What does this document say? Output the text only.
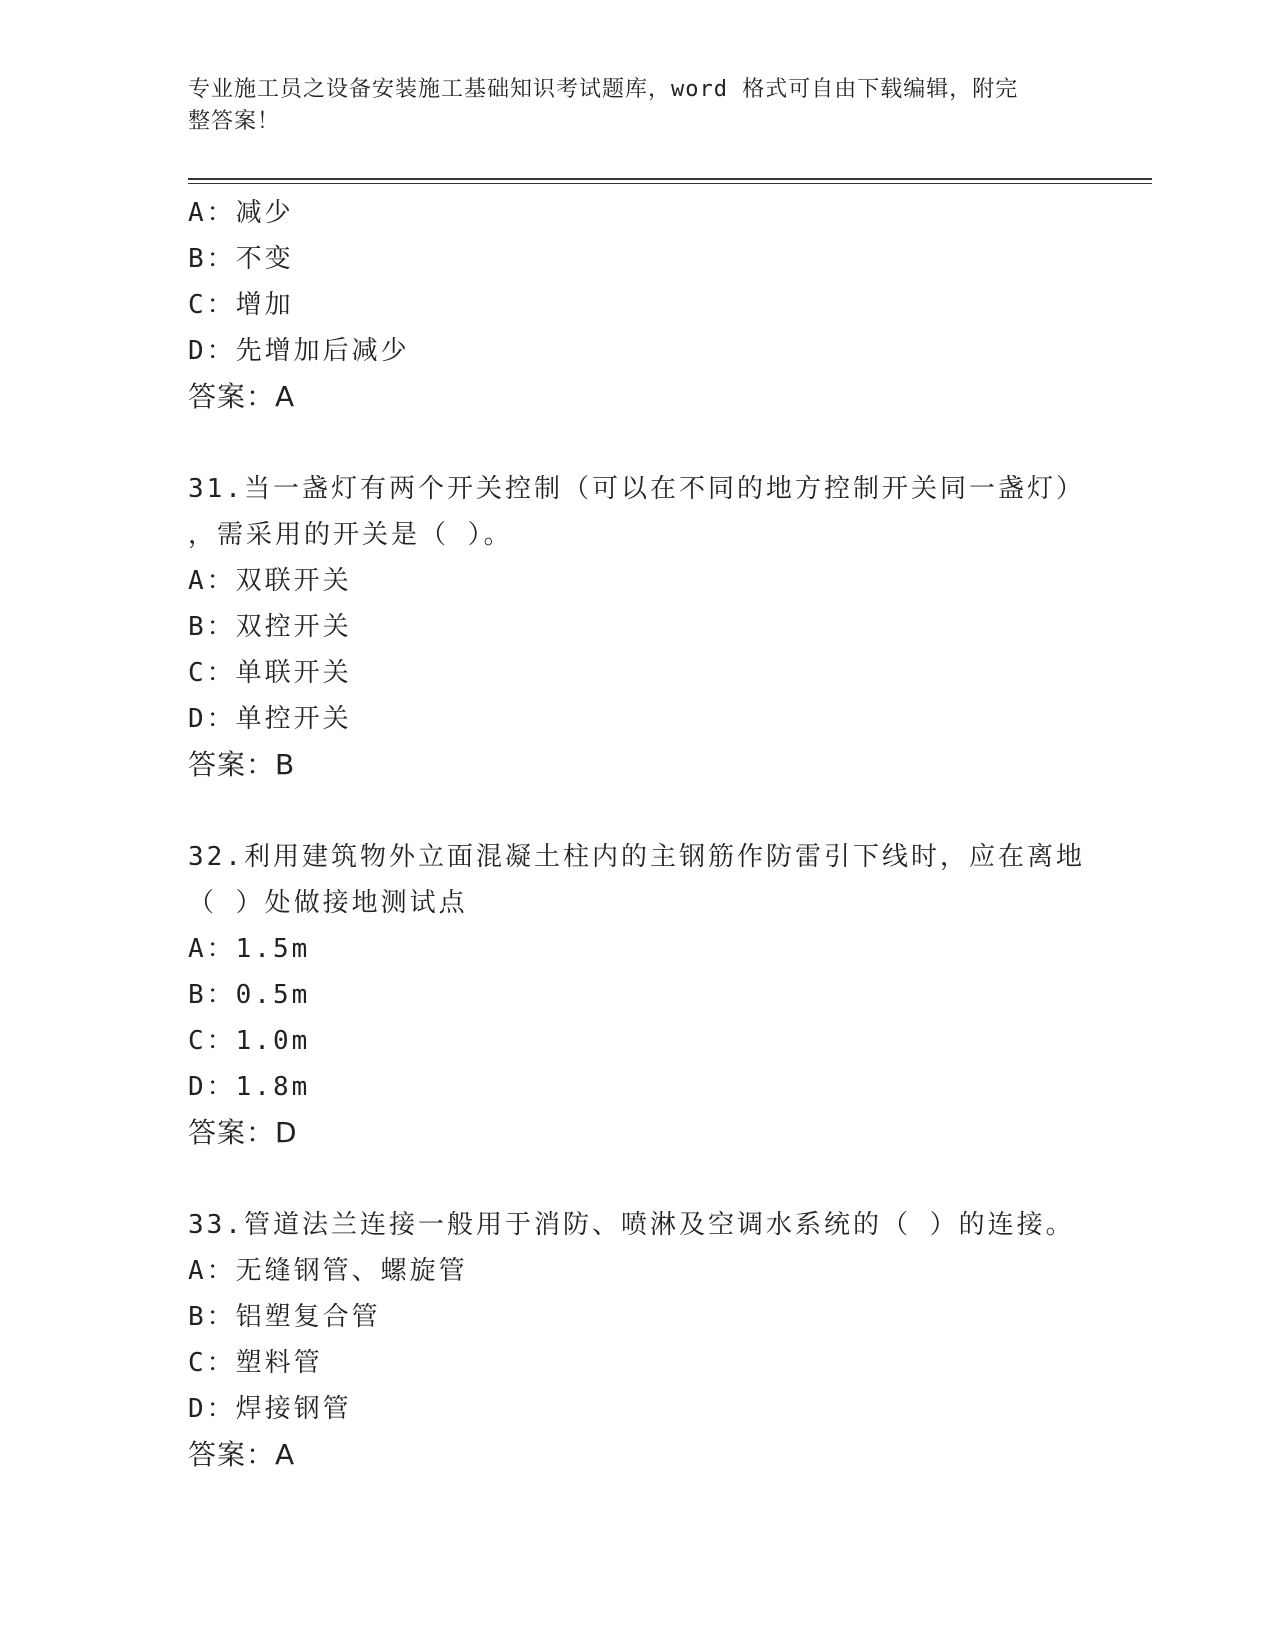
专业施工员之设备安装施工基础知识考试题库，word 格式可自由下载编辑，附完
整答案！
A：减少
B：不变
C：增加
D：先增加后减少
答案：A
31.当一盏灯有两个开关控制（可以在不同的地方控制开关同一盏灯）
，需采用的开关是（ ）。
A：双联开关
B：双控开关
C：单联开关
D：单控开关
答案：B
32.利用建筑物外立面混凝土柱内的主钢筋作防雷引下线时，应在离地
（ ）处做接地测试点
A：1.5m
B：0.5m
C：1.0m
D：1.8m
答案：D
33.管道法兰连接一般用于消防、喷淋及空调水系统的（ ）的连接。
A：无缝钢管、螺旋管
B：铝塑复合管
C：塑料管
D：焊接钢管
答案：A
